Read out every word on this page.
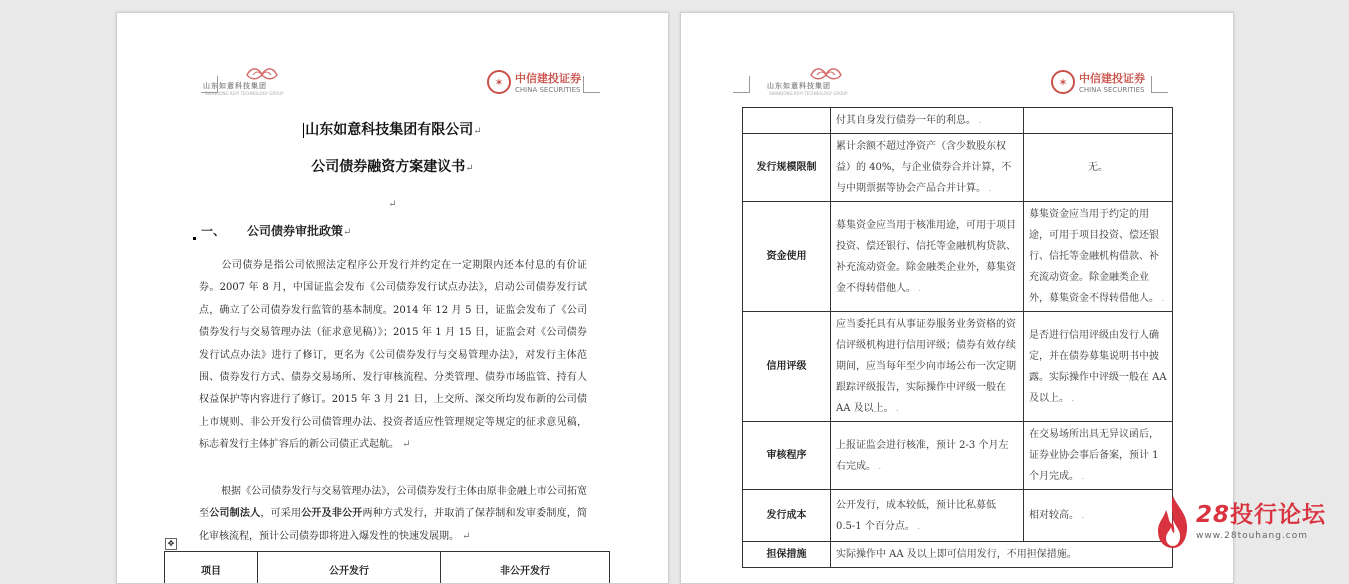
山东如意科技集团
SHANDONG RUYI TECHNOLOGY GROUP
✶ 中信建投证券
CHINA SECURITIES
山东如意科技集团有限公司↵
公司债券融资方案建议书↵
↵
一、 公司债券审批政策↵
公司债券是指公司依照法定程序公开发行并约定在一定期限内还本付息的有价证券。2007 年 8 月，中国证监会发布《公司债券发行试点办法》，启动公司债券发行试点，确立了公司债券发行监管的基本制度。2014 年 12 月 5 日，证监会发布了《公司债券发行与交易管理办法（征求意见稿）》；2015 年 1 月 15 日，证监会对《公司债券发行试点办法》进行了修订，更名为《公司债券发行与交易管理办法》，对发行主体范围、债券发行方式、债券交易场所、发行审核流程、分类管理、债券市场监管、持有人权益保护等内容进行了修订。2015 年 3 月 21 日，上交所、深交所均发布新的公司债上市规则、非公开发行公司债管理办法、投资者适应性管理规定等规定的征求意见稿，标志着发行主体扩容后的新公司债正式起航。 ↵
根据《公司债券发行与交易管理办法》，公司债券发行主体由原非金融上市公司拓宽至公司制法人，可采用公开及非公开两种方式发行，并取消了保荐制和发审委制度，简化审核流程，预计公司债券即将进入爆发性的快速发展期。 ↵
✥
项目	公开发行	非公开发行
山东如意科技集团
SHANDONG RUYI TECHNOLOGY GROUP
✶ 中信建投证券
CHINA SECURITIES
	付其自身发行债券一年的利息。 .	
发行规模限制	累计余额不超过净资产（含少数股东权益）的 40%，与企业债券合并计算，不与中期票据等协会产品合并计算。 .	无。
资金使用	募集资金应当用于核准用途，可用于项目投资、偿还银行、信托等金融机构贷款、补充流动资金。除金融类企业外，募集资金不得转借他人。 .	募集资金应当用于约定的用途，可用于项目投资、偿还银行、信托等金融机构借款、补充流动资金。除金融类企业外，募集资金不得转借他人。 .
信用评级	应当委托具有从事证券服务业务资格的资信评级机构进行信用评级；债券有效存续期间，应当每年至少向市场公布一次定期跟踪评级报告，实际操作中评级一般在 AA 及以上。 .	是否进行信用评级由发行人确定，并在债券募集说明书中披露。实际操作中评级一般在 AA 及以上。 .
审核程序	上报证监会进行核准，预计 2-3 个月左右完成。 .	在交易场所出具无异议函后，证券业协会事后备案，预计 1 个月完成。 .
发行成本	公开发行，成本较低，预计比私募低 0.5-1 个百分点。 .	相对较高。 .
担保措施	实际操作中 AA 及以上即可信用发行，不用担保措施。	
28投行论坛
www.28touhang.com
